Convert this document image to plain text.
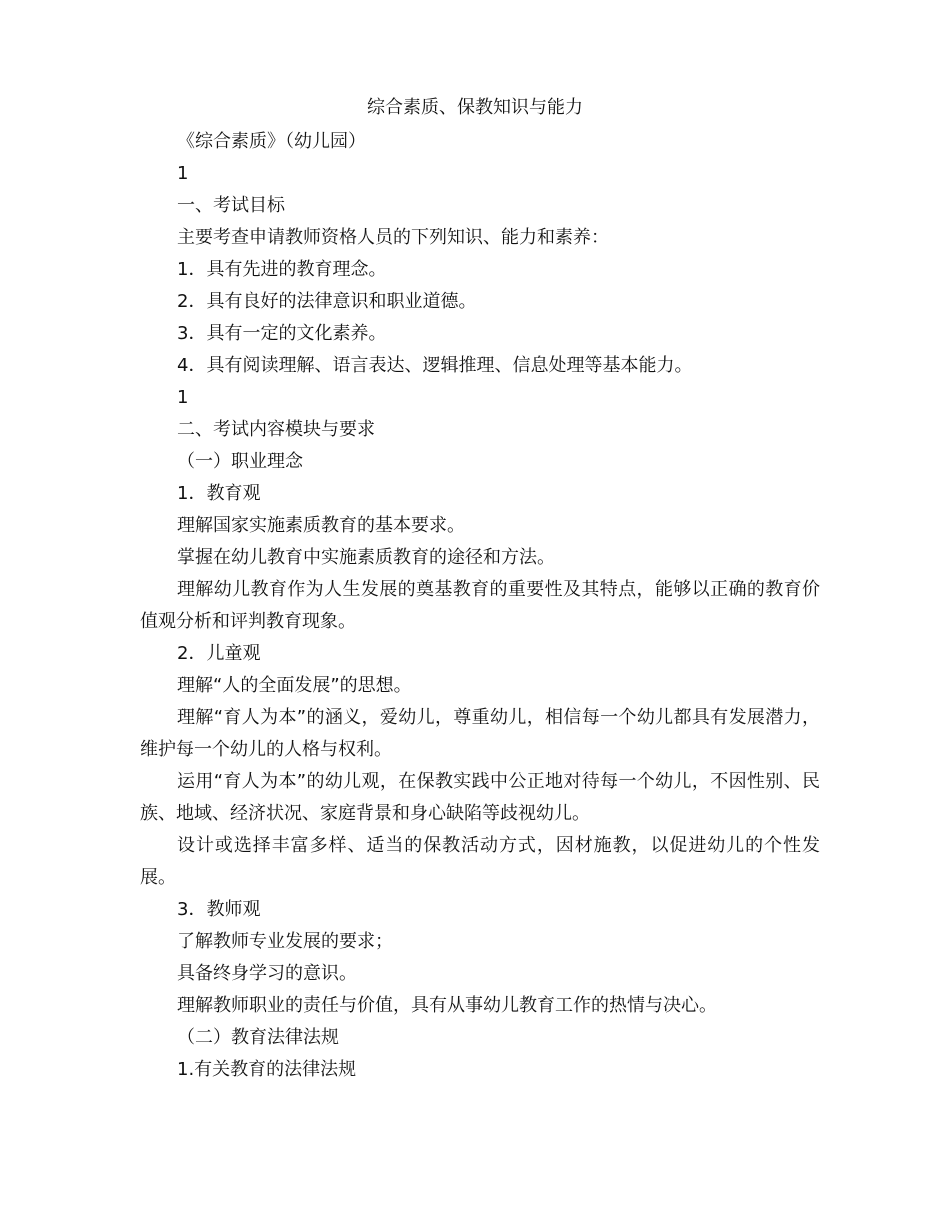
综合素质、保教知识与能力

《综合素质》（幼儿园）

1

一、考试目标

主要考查申请教师资格人员的下列知识、能力和素养：

1．具有先进的教育理念。

2．具有良好的法律意识和职业道德。

3．具有一定的文化素养。

4．具有阅读理解、语言表达、逻辑推理、信息处理等基本能力。

1

二、考试内容模块与要求

（一）职业理念

1．教育观

理解国家实施素质教育的基本要求。

掌握在幼儿教育中实施素质教育的途径和方法。

理解幼儿教育作为人生发展的奠基教育的重要性及其特点，能够以正确的教育价值观分析和评判教育现象。

2．儿童观

理解“人的全面发展”的思想。

理解“育人为本”的涵义，爱幼儿，尊重幼儿，相信每一个幼儿都具有发展潜力，维护每一个幼儿的人格与权利。

运用“育人为本”的幼儿观，在保教实践中公正地对待每一个幼儿，不因性别、民族、地域、经济状况、家庭背景和身心缺陷等歧视幼儿。

设计或选择丰富多样、适当的保教活动方式，因材施教，以促进幼儿的个性发展。

3．教师观

了解教师专业发展的要求；

具备终身学习的意识。

理解教师职业的责任与价值，具有从事幼儿教育工作的热情与决心。

（二）教育法律法规

1.有关教育的法律法规
